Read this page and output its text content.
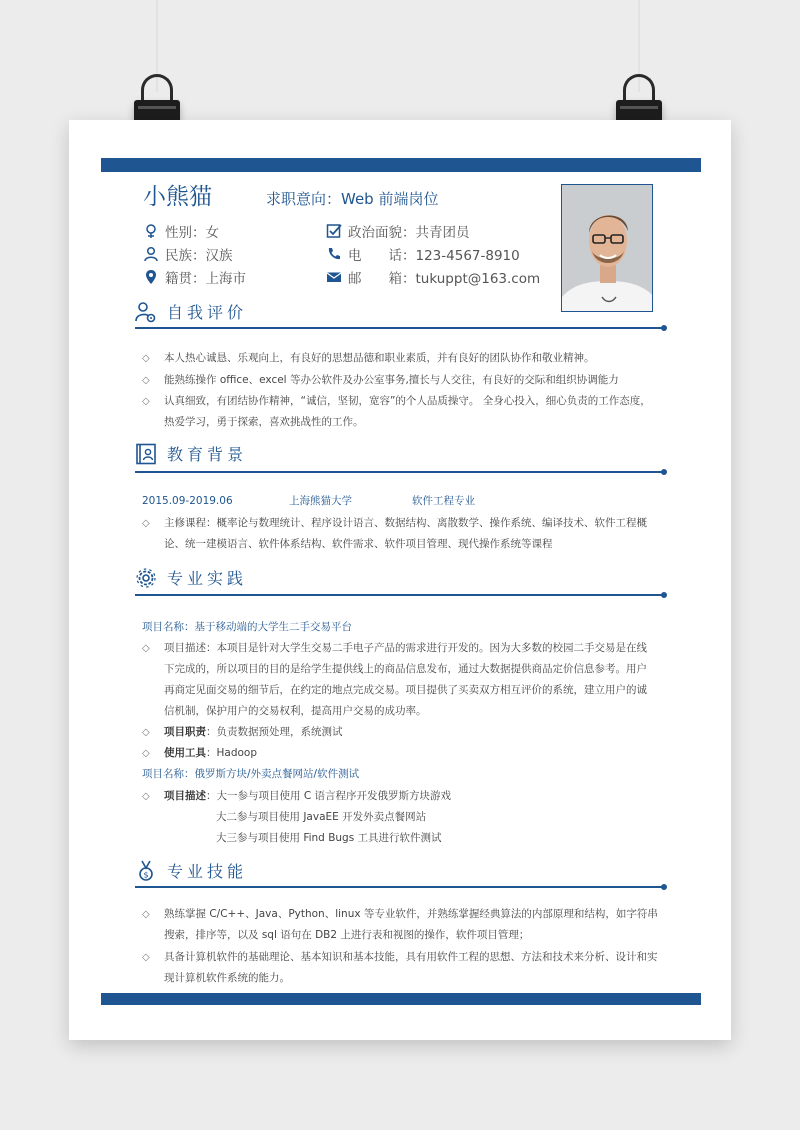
小熊猫	求职意向：Web 前端岗位
性别：女
民族：汉族
籍贯：上海市
政治面貌：共青团员
电　　话：123-4567-8910
邮　　箱：tukuppt@163.com
自我评价
◇	本人热心诚恳、乐观向上，有良好的思想品德和职业素质，并有良好的团队协作和敬业精神。
◇	能熟练操作 office、excel 等办公软件及办公室事务,擅长与人交往，有良好的交际和组织协调能力
◇	认真细致，有团结协作精神，“诚信，坚韧，宽容”的个人品质操守。 全身心投入，细心负责的工作态度，
热爱学习，勇于探索，喜欢挑战性的工作。
教育背景
2015.09-2019.06	上海熊猫大学	软件工程专业
◇	主修课程：概率论与数理统计、程序设计语言、数据结构、离散数学、操作系统、编译技术、软件工程概
论、统一建模语言、软件体系结构、软件需求、软件项目管理、现代操作系统等课程
专业实践
项目名称：基于移动端的大学生二手交易平台
◇	项目描述：本项目是针对大学生交易二手电子产品的需求进行开发的。因为大多数的校园二手交易是在线
下完成的，所以项目的目的是给学生提供线上的商品信息发布，通过大数据提供商品定价信息参考。用户
再商定见面交易的细节后，在约定的地点完成交易。项目提供了买卖双方相互评价的系统，建立用户的诚
信机制，保护用户的交易权利，提高用户交易的成功率。
◇	项目职责：负责数据预处理，系统测试
◇	使用工具：Hadoop
项目名称：俄罗斯方块/外卖点餐网站/软件测试
◇	项目描述：大一参与项目使用 C 语言程序开发俄罗斯方块游戏
大二参与项目使用 JavaEE 开发外卖点餐网站
大三参与项目使用 Find Bugs 工具进行软件测试
$ 专业技能
◇	熟练掌握 C/C++、Java、Python、linux 等专业软件，并熟练掌握经典算法的内部原理和结构，如字符串
搜索，排序等，以及 sql 语句在 DB2 上进行表和视图的操作，软件项目管理；
◇	具备计算机软件的基础理论、基本知识和基本技能，具有用软件工程的思想、方法和技术来分析、设计和实
现计算机软件系统的能力。
